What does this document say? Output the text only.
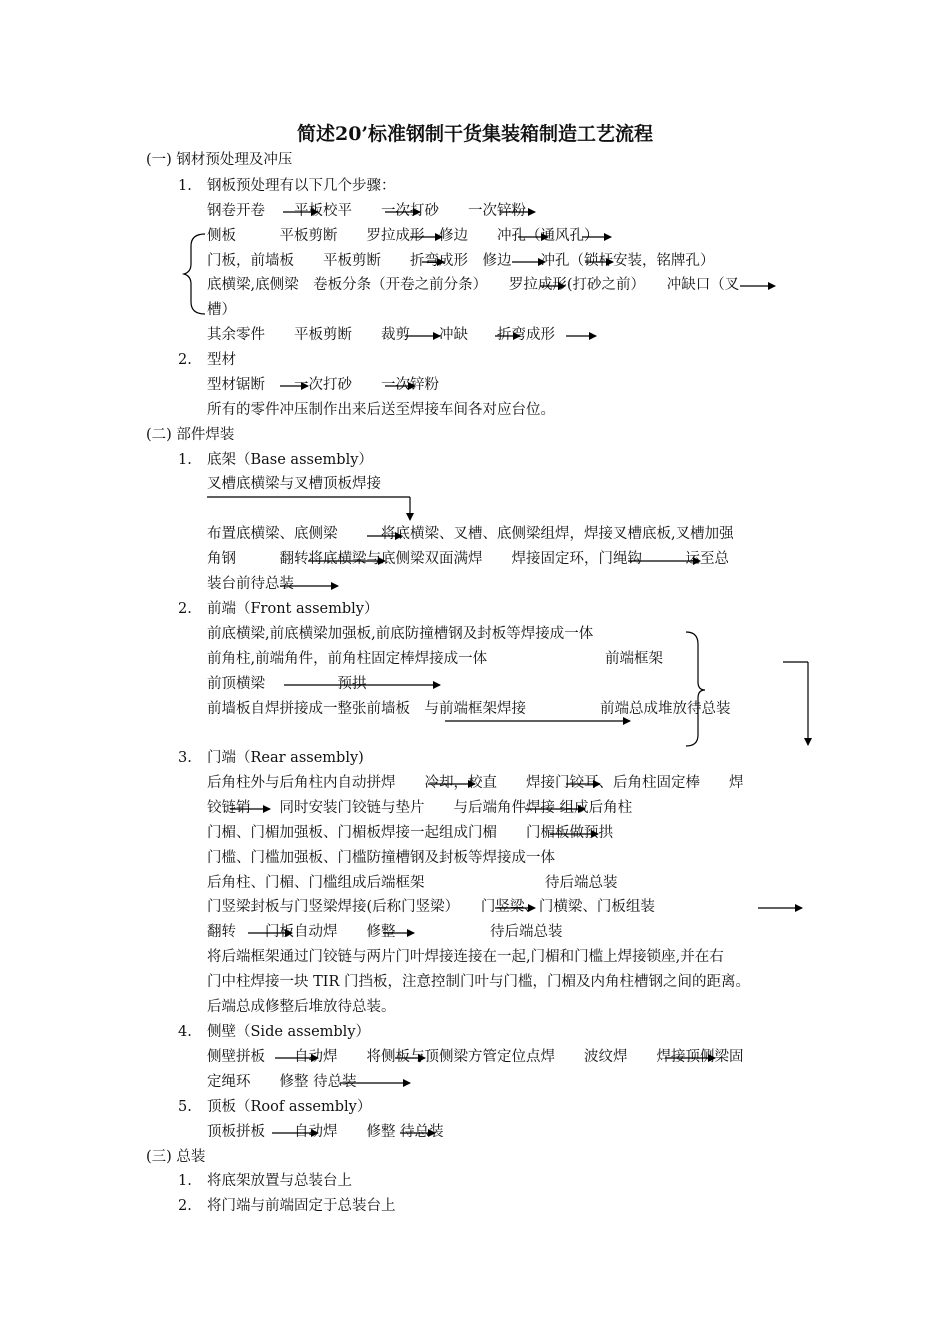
简述20’标准钢制干货集装箱制造工艺流程
(一) 钢材预处理及冲压
1. 钢板预处理有以下几个步骤：
钢卷开卷　　平板校平　　一次打砂　　一次锌粉
侧板　　　平板剪断　　罗拉成形　修边　　冲孔（通风孔）
门板，前墙板　　平板剪断　　折弯成形　修边　　冲孔（锁杆安装，铭牌孔）
底横梁,底侧梁　卷板分条（开卷之前分条）　　罗拉成形(打砂之前）　　冲缺口（叉
槽）
其余零件　　平板剪断　　裁剪　　冲缺　　折弯成形
2. 型材
型材锯断　　一次打砂　　一次锌粉
所有的零件冲压制作出来后送至焊接车间各对应台位。
(二) 部件焊装
1. 底架（Base assembly）
叉槽底横梁与叉槽顶板焊接
布置底横梁、底侧梁　　　将底横梁、叉槽、底侧梁组焊，焊接叉槽底板,叉槽加强
角钢　　　翻转将底横梁与底侧梁双面满焊　　焊接固定环，门绳钩　　　运至总
装台前待总装
2. 前端（Front assembly）
前底横梁,前底横梁加强板,前底防撞槽钢及封板等焊接成一体
前角柱,前端角件，前角柱固定棒焊接成一体	前端框架
前顶横梁　　　　　预拱
前墙板自焊拼接成一整张前墙板　与前端框架焊接	前端总成堆放待总装
3. 门端（Rear assembly)
后角柱外与后角柱内自动拼焊　　冷却，校直　　焊接门铰耳、后角柱固定棒　　焊
铰链销　　同时安装门铰链与垫片　　与后端角件焊接 组成后角柱
门楣、门楣加强板、门楣板焊接一起组成门楣　　门楣板做预拱
门槛、门槛加强板、门槛防撞槽钢及封板等焊接成一体
后角柱、门楣、门槛组成后端框架	待后端总装
门竖梁封板与门竖梁焊接(后称门竖梁）　　门竖梁、门横梁、门板组装
翻转　　门板自动焊　　修整	待后端总装
将后端框架通过门铰链与两片门叶焊接连接在一起,门楣和门槛上焊接锁座,并在右
门中柱焊接一块 TIR 门挡板，注意控制门叶与门槛，门楣及内角柱槽钢之间的距离。
后端总成修整后堆放待总装。
4. 侧壁（Side assembly）
侧壁拼板　　自动焊　　将侧板与顶侧梁方管定位点焊　　波纹焊　　焊接顶侧梁固
定绳环　　修整 待总装
5. 顶板（Roof assembly）
顶板拼板　　自动焊　　修整 待总装
(三) 总装
1. 将底架放置与总装台上
2. 将门端与前端固定于总装台上
